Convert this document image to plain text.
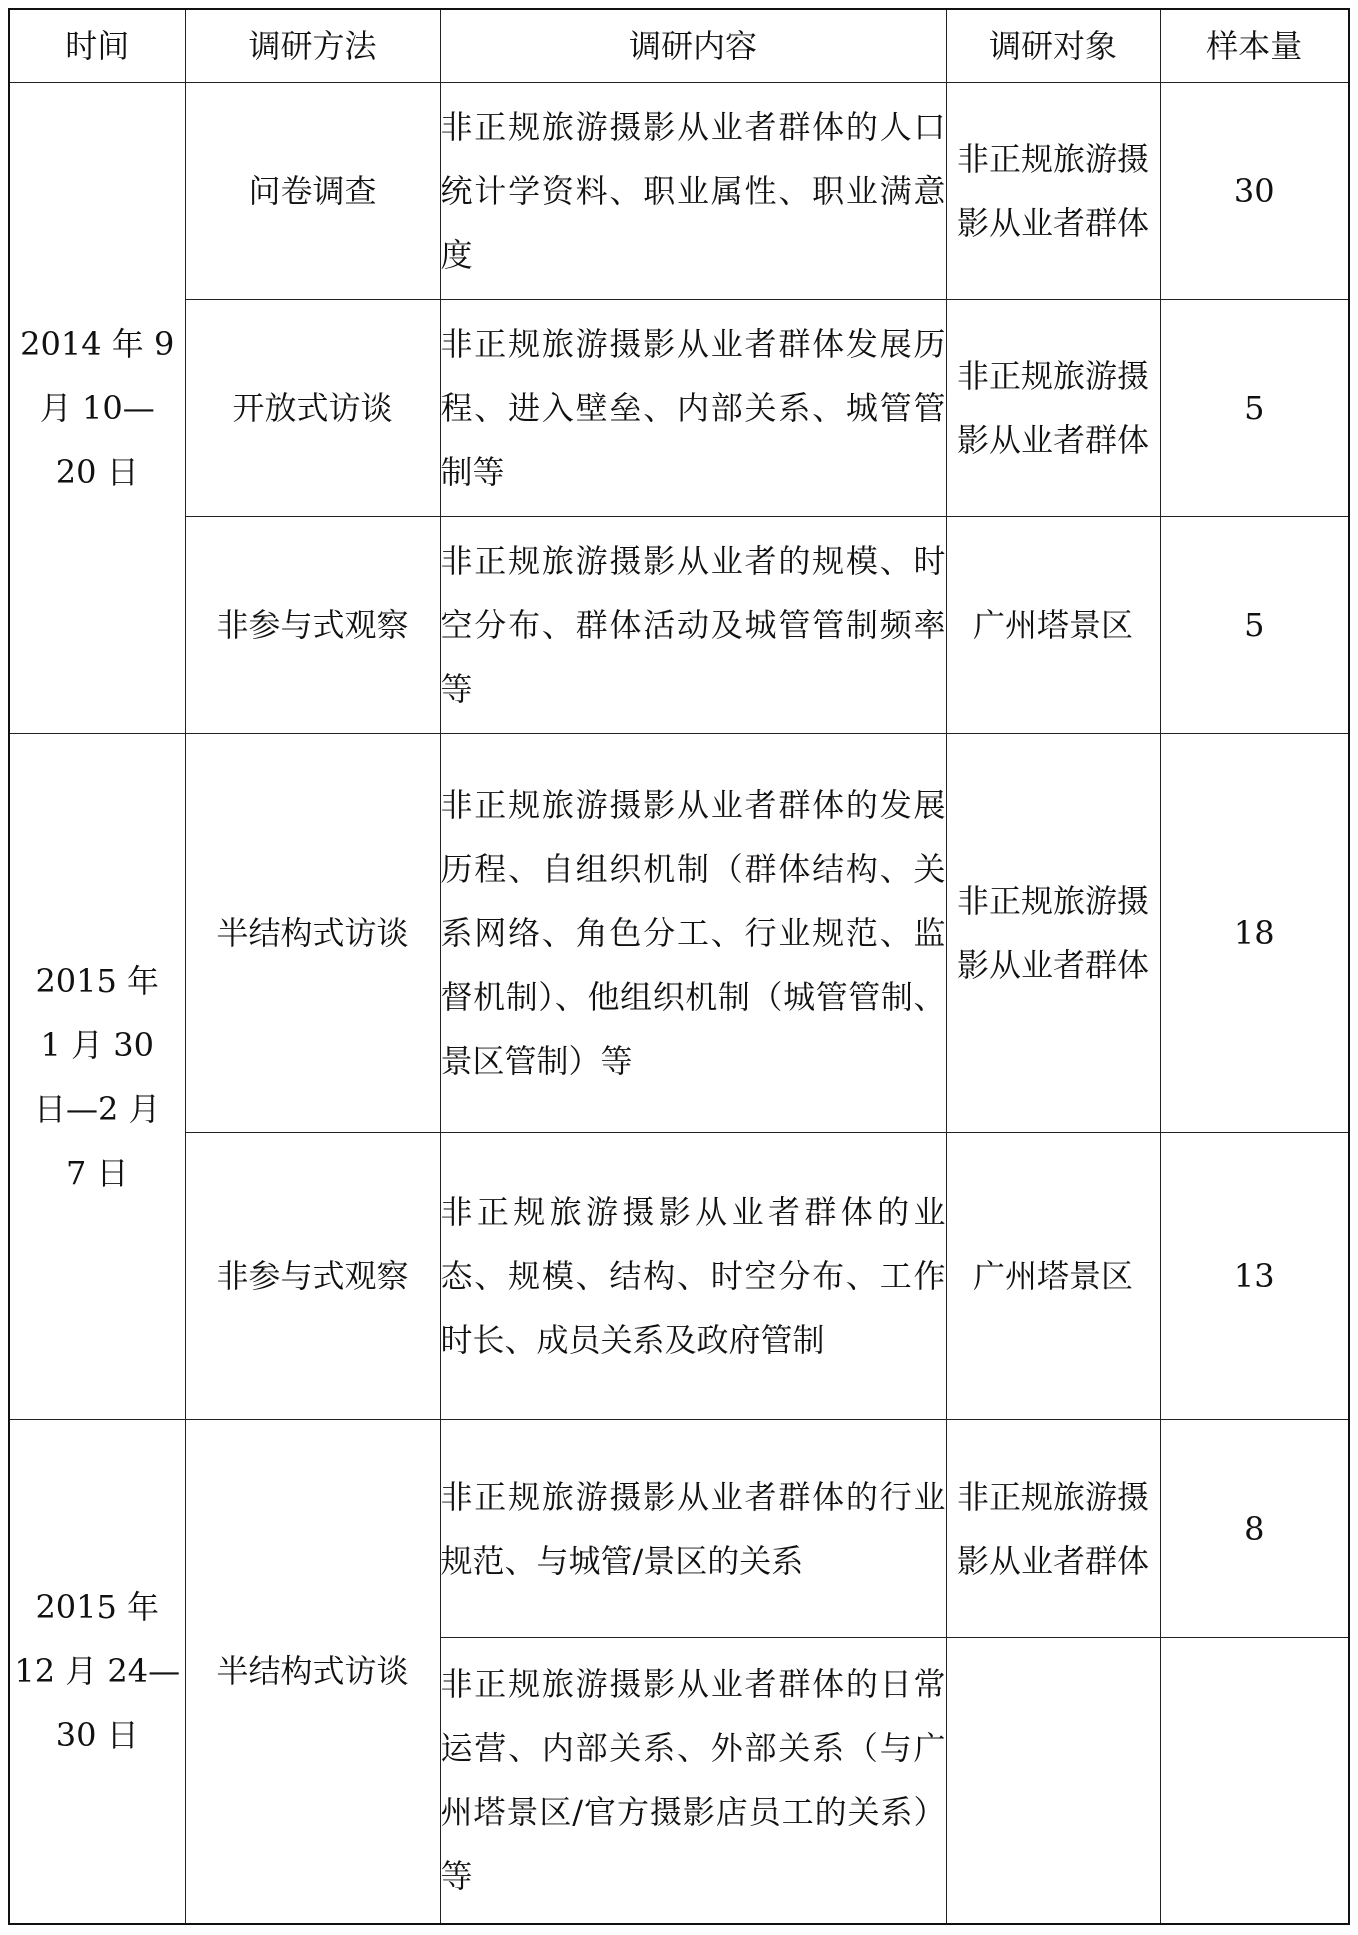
时间	调研方法	调研内容	调研对象	样本量

2014 年 9 月 10—20 日	问卷调查	非正规旅游摄影从业者群体的人口统计学资料、职业属性、职业满意度	非正规旅游摄影从业者群体	30
	开放式访谈	非正规旅游摄影从业者群体发展历程、进入壁垒、内部关系、城管管制等	非正规旅游摄影从业者群体	5
	非参与式观察	非正规旅游摄影从业者的规模、时空分布、群体活动及城管管制频率等	广州塔景区	5

2015 年 1 月 30 日—2 月 7 日	半结构式访谈	非正规旅游摄影从业者群体的发展历程、自组织机制（群体结构、关系网络、角色分工、行业规范、监督机制）、他组织机制（城管管制、景区管制）等	非正规旅游摄影从业者群体	18
	非参与式观察	非正规旅游摄影从业者群体的业态、规模、结构、时空分布、工作时长、成员关系及政府管制	广州塔景区	13

2015 年 12 月 24—30 日	半结构式访谈	非正规旅游摄影从业者群体的行业规范、与城管/景区的关系	非正规旅游摄影从业者群体	8
		非正规旅游摄影从业者群体的日常运营、内部关系、外部关系（与广州塔景区/官方摄影店员工的关系）等		
